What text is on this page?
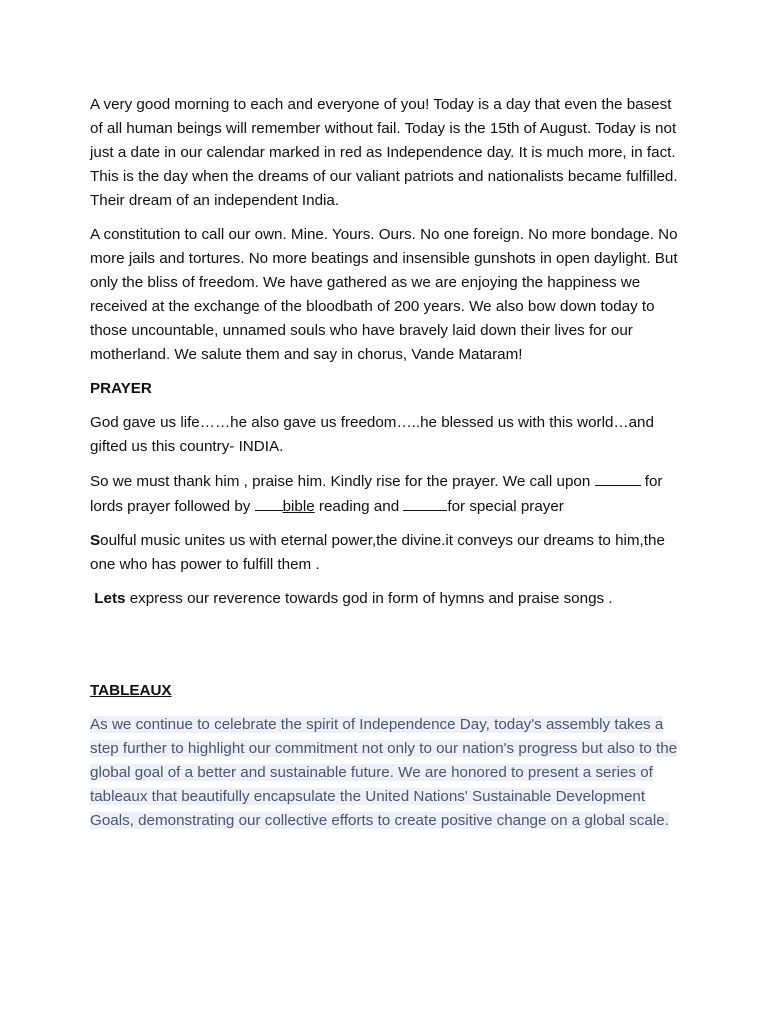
A very good morning to each and everyone of you! Today is a day that even the basest of all human beings will remember without fail. Today is the 15th of August. Today is not just a date in our calendar marked in red as Independence day. It is much more, in fact. This is the day when the dreams of our valiant patriots and nationalists became fulfilled. Their dream of an independent India.

A constitution to call our own. Mine. Yours. Ours. No one foreign. No more bondage. No more jails and tortures. No more beatings and insensible gunshots in open daylight. But only the bliss of freedom. We have gathered as we are enjoying the happiness we received at the exchange of the bloodbath of 200 years. We also bow down today to those uncountable, unnamed souls who have bravely laid down their lives for our motherland. We salute them and say in chorus, Vande Mataram!

PRAYER

God gave us life……he also gave us freedom…..he blessed us with this world…and gifted us this country- INDIA.

So we must thank him , praise him. Kindly rise for the prayer. We call upon	for lords prayer followed by bible reading and	for special prayer

Soulful music unites us with eternal power,the divine.it conveys our dreams to him,the one who has power to fulfill them .

Lets express our reverence towards god in form of hymns and praise songs .

TABLEAUX

As we continue to celebrate the spirit of Independence Day, today's assembly takes a step further to highlight our commitment not only to our nation's progress but also to the global goal of a better and sustainable future. We are honored to present a series of tableaux that beautifully encapsulate the United Nations' Sustainable Development Goals, demonstrating our collective efforts to create positive change on a global scale.
